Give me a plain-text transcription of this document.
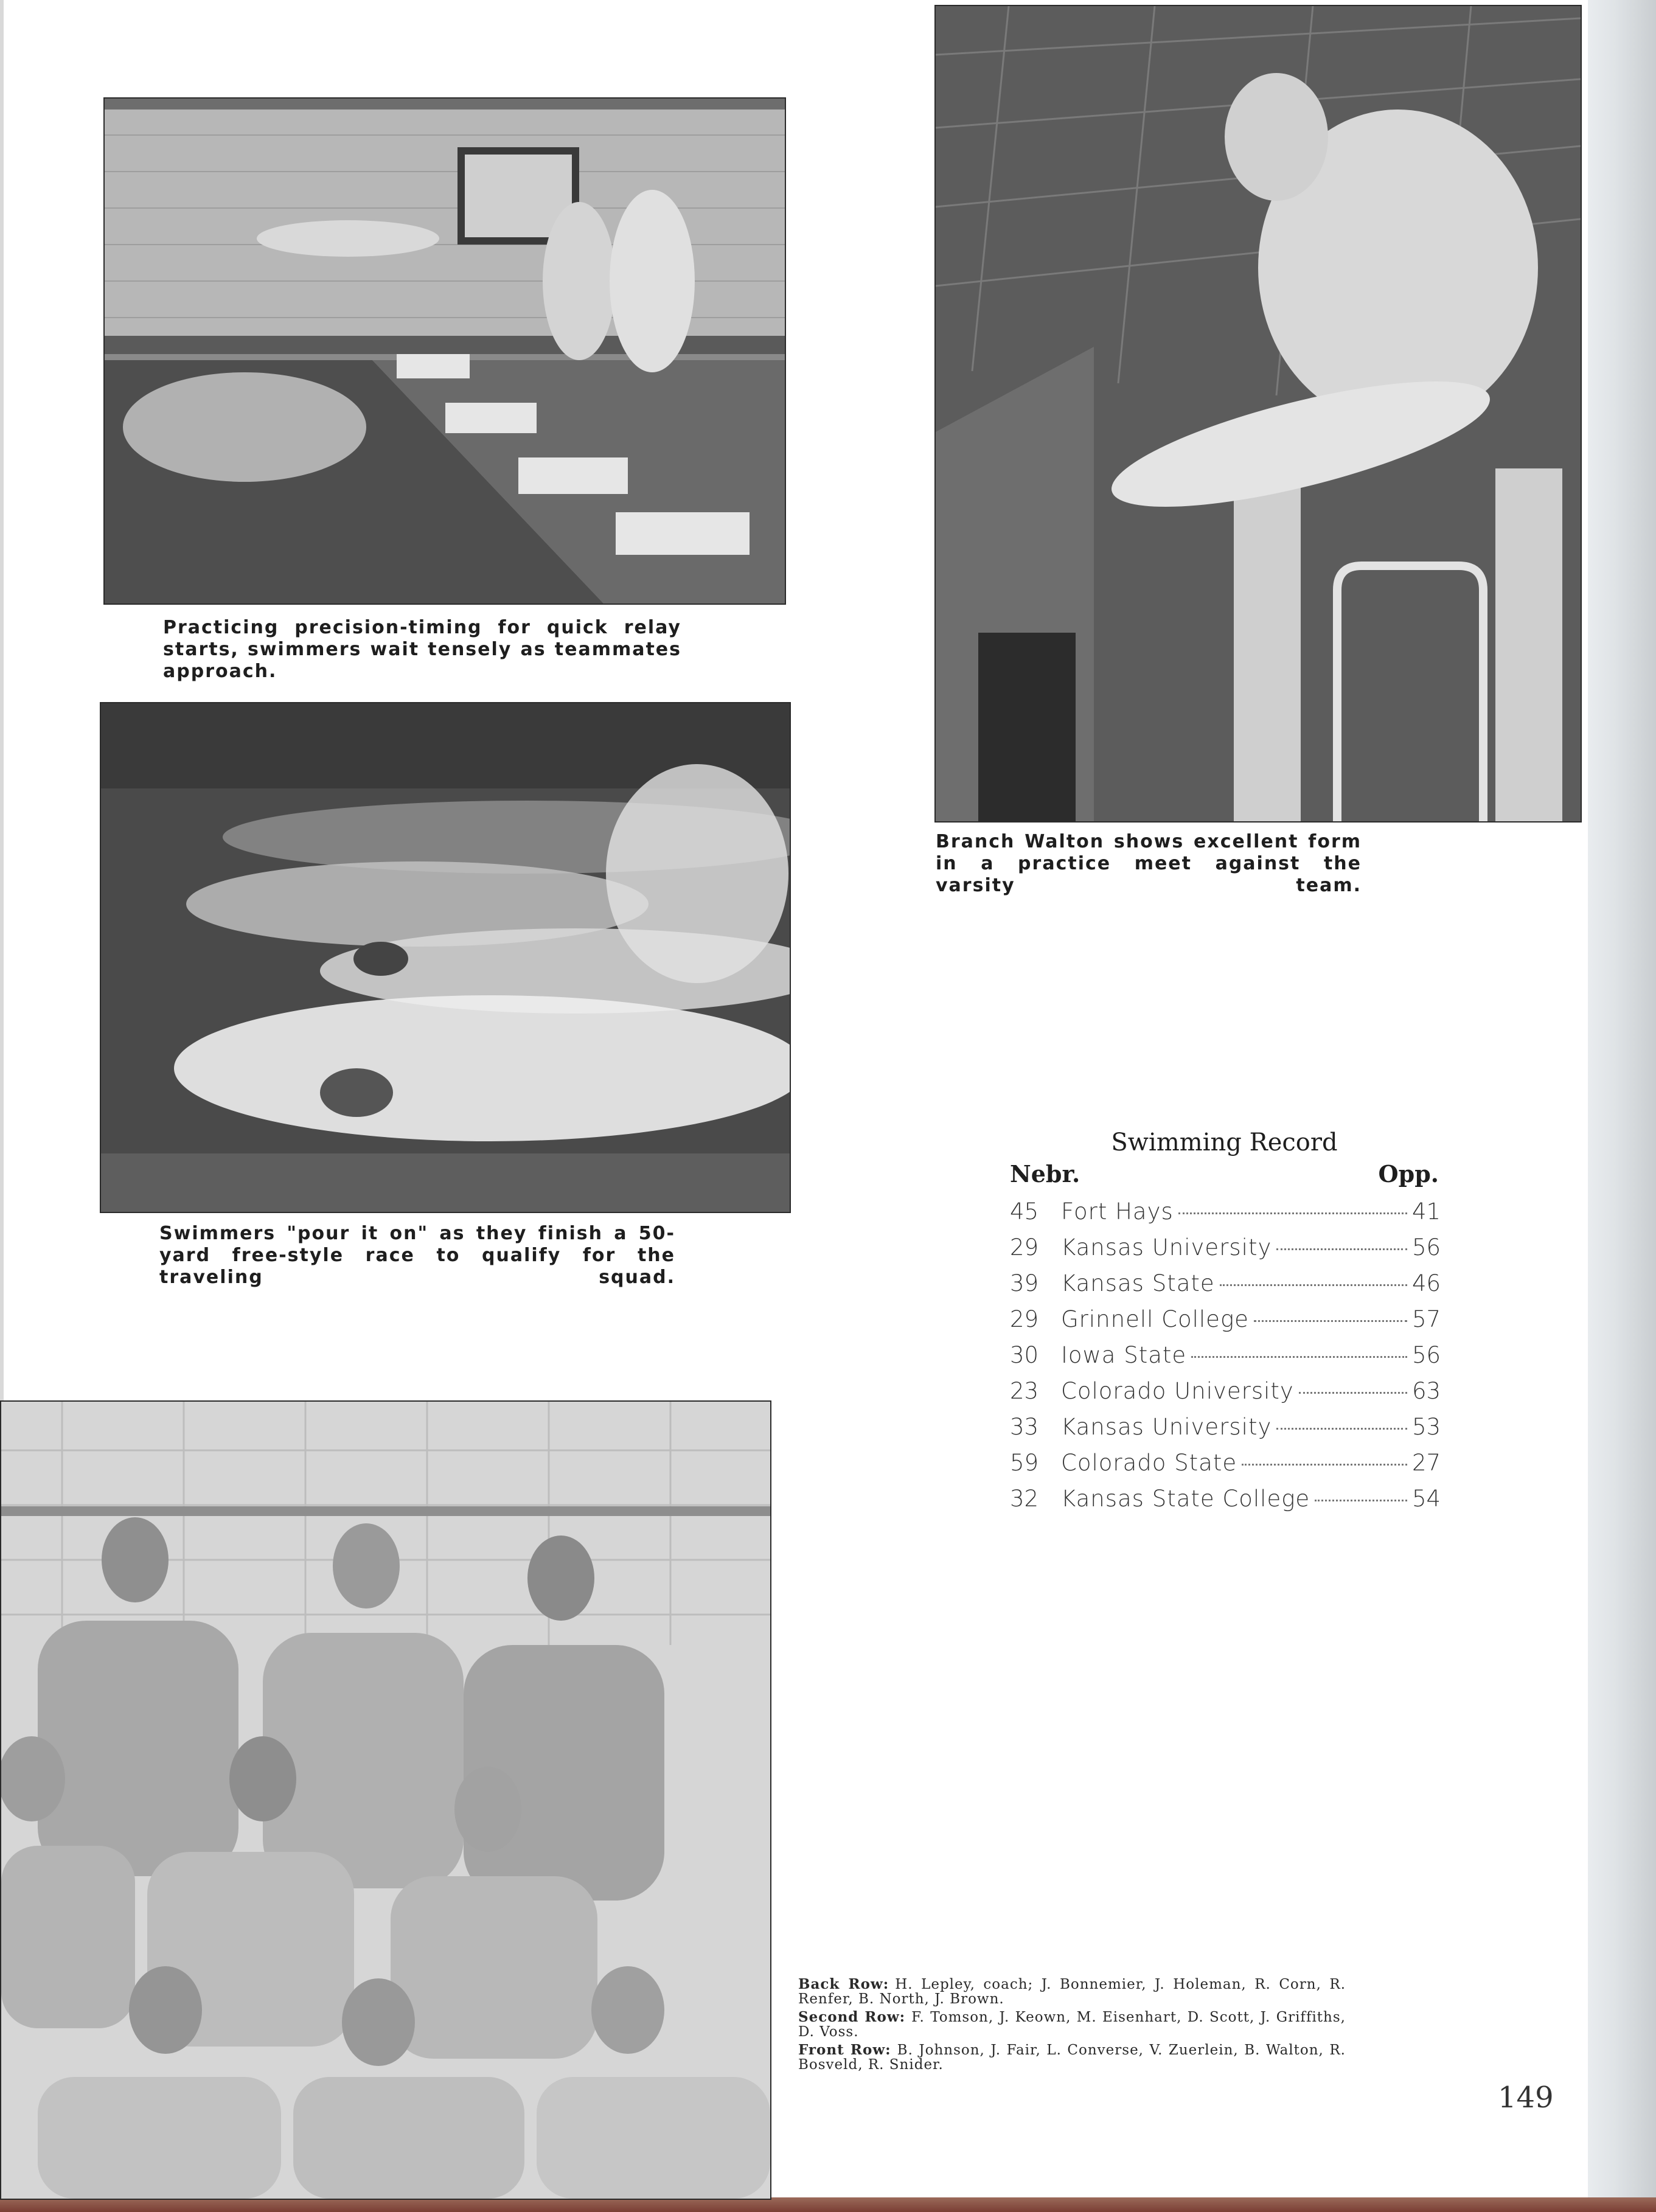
Practicing precision-timing for quick relay starts, swimmers wait tensely as teammates approach.

Branch Walton shows excellent form in a practice meet against the varsity team.

Swimmers "pour it on" as they finish a 50-yard free-style race to qualify for the traveling squad.

Swimming Record

Nebr.	Opp.
45 Fort Hays	41
29 Kansas University	56
39 Kansas State	46
29 Grinnell College	57
30 Iowa State	56
23 Colorado University	63
33 Kansas University	53
59 Colorado State	27
32 Kansas State College	54

Back Row: H. Lepley, coach; J. Bonnemier, J. Holeman, R. Corn, R. Renfer, B. North, J. Brown.

Second Row: F. Tomson, J. Keown, M. Eisenhart, D. Scott, J. Griffiths, D. Voss.

Front Row: B. Johnson, J. Fair, L. Converse, V. Zuerlein, B. Walton, R. Bosveld, R. Snider.

149
